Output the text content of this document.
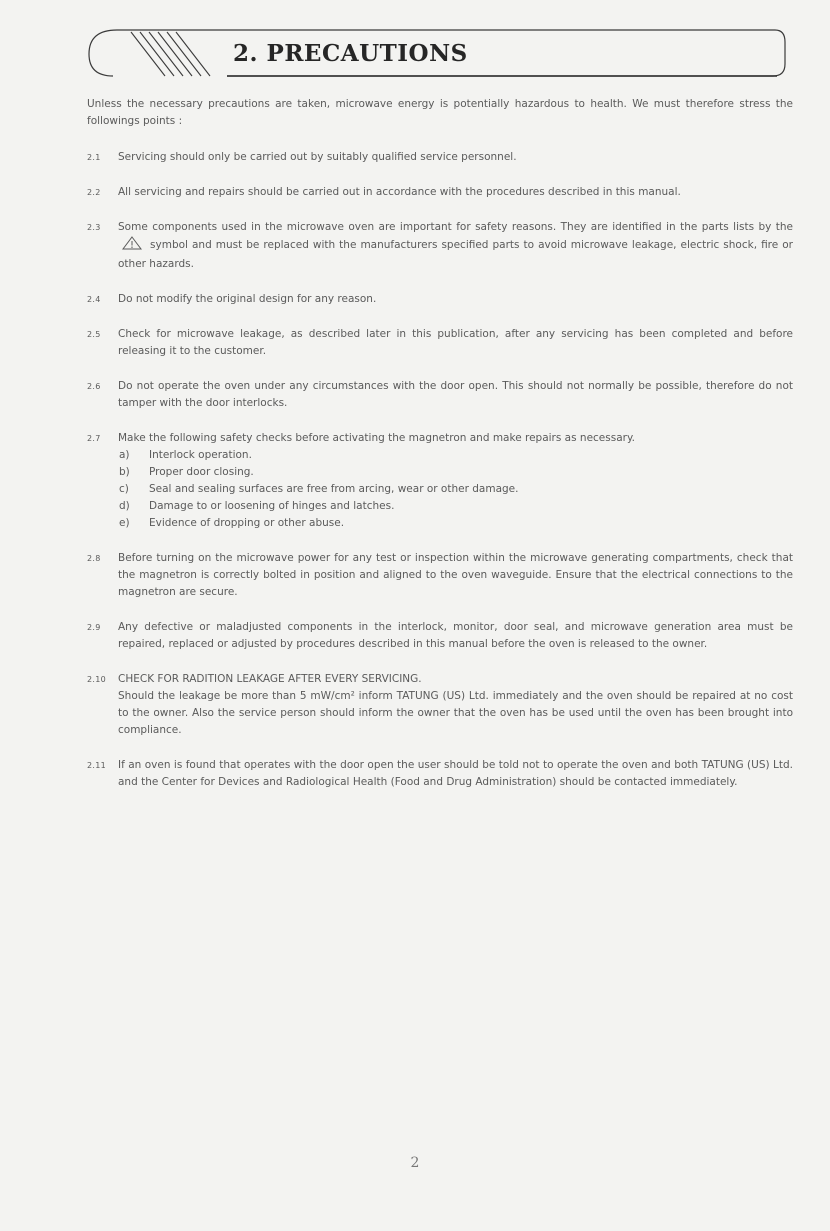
2. PRECAUTIONS

Unless the necessary precautions are taken, microwave energy is potentially hazardous to health. We must therefore stress the followings points :

2.1 Servicing should only be carried out by suitably qualified service personnel.
2.2 All servicing and repairs should be carried out in accordance with the procedures described in this manual.
2.3 Some components used in the microwave oven are important for safety reasons. They are identified in the parts lists by the  symbol and must be replaced with the manufacturers specified parts to avoid microwave leakage, electric shock, fire or other hazards.
2.4 Do not modify the original design for any reason.
2.5 Check for microwave leakage, as described later in this publication, after any servicing has been completed and before releasing it to the customer.
2.6 Do not operate the oven under any circumstances with the door open. This should not normally be possible, therefore do not tamper with the door interlocks.
2.7 Make the following safety checks before activating the magnetron and make repairs as necessary.
a) Interlock operation.
b) Proper door closing.
c) Seal and sealing surfaces are free from arcing, wear or other damage.
d) Damage to or loosening of hinges and latches.
e) Evidence of dropping or other abuse.
2.8 Before turning on the microwave power for any test or inspection within the microwave generating compartments, check that the magnetron is correctly bolted in position and aligned to the oven waveguide. Ensure that the electrical connections to the magnetron are secure.
2.9 Any defective or maladjusted components in the interlock, monitor, door seal, and microwave generation area must be repaired, replaced or adjusted by procedures described in this manual before the oven is released to the owner.
2.10 CHECK FOR RADITION LEAKAGE AFTER EVERY SERVICING.
Should the leakage be more than 5 mW/cm² inform TATUNG (US) Ltd. immediately and the oven should be repaired at no cost to the owner. Also the service person should inform the owner that the oven has be used until the oven has been brought into compliance.
2.11 If an oven is found that operates with the door open the user should be told not to operate the oven and both TATUNG (US) Ltd. and the Center for Devices and Radiological Health (Food and Drug Administration) should be contacted immediately.
2
